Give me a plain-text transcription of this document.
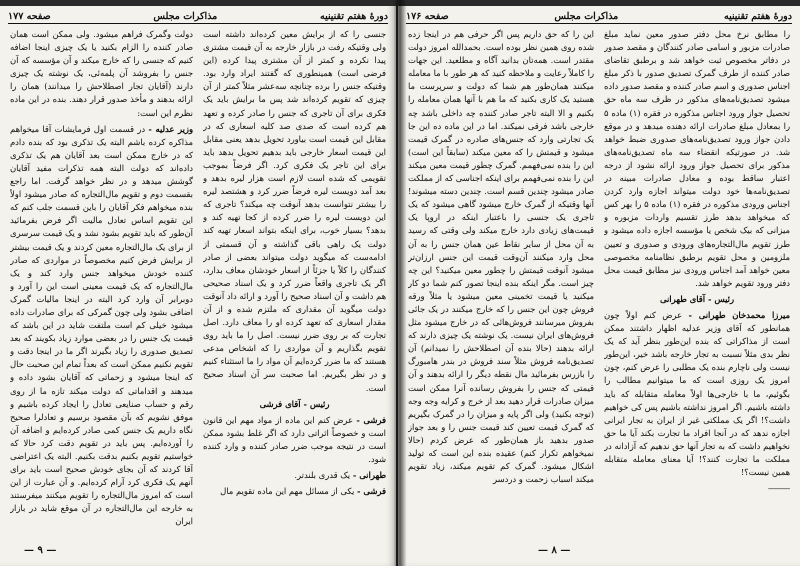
دورهٔ هفتم تقنینیه
مذاکرات مجلس
صفحه ۱۷۷

جنسی را که از برایش معین کرده‌اند داشته است ولی وقتیکه رفت در بازار خارجه به آن قیمت مشتری پیدا نکرده و کمتر از آن مشتری پیدا کرده (این فرضی است) همینطوری که گفتند ایراد وارد بود. وقتیکه جنس را برده چنانچه سه‌عشر مثلاً کمتر از آن چیزی که تقویم کرده‌اند شد پس ما برایش باید یک فکری برای آن تاجری که جنس را صادر کرده و تعهد هم کرده است که صدی صد کلیه اسعاری که در مقابل این قیمت است بیاورد تحویل بدهد یعنی مقابل این قیمت اسعار خارجی باید بدهیم تحویل بدهد باید برای این تاجر یک فکری کرد. اگر فرضاً بموجب تقویمی که شده است لازم است هزار لیره بدهد و بعد آمد دویست لیره فرضاً ضرر کرد و هشتصد لیره را بیشتر نتوانست بدهد آنوقت چه میکند؟ تاجری که این دویست لیره را ضرر کرده از کجا تهیه کند و بدهد؟ بسیار خوب، برای اینکه بتواند اسعار تهیه کند دولت یک راهی باقی گذاشته و آن قسمتی از ادامه‌ست که میگوید دولت میتواند بعضی از صادر کنندگان را کلاً یا جزئاً از اسعار خودشان معاف بدارد، اگر یک تاجری واقعاً ضرر کرد و یک اسناد صحیحی هم داشت و آن اسناد صحیح را آورد و ارائه داد آنوقت دولت میگوید آن مقداری که ملتزم شده و از آن مقدار اسعاری که تعهد کرده او را معاف دارد. اصل تجارت که بر روی ضرر نیست. اصل را ما باید روی تقویم بگذاریم و آن مواردی را که اشخاص مدعی هستند که ما ضرر کرده‌ایم آن مواد را ما استثناء کنیم و در نظر بگیریم. اما صحبت سر آن اسناد صحیح است.

رئیس - آقای فرشی

فرشی - عرض کنم این ماده از مواد مهم این قانون است و خصوصاً اثراتی دارد که اگر غلط بشود ممکن است در نتیجه موجب ضرر صادر کننده و وارد کننده شود.

طهرانی - یک قدری بلندتر.

فرشی - یکی از مسائل مهم این ماده تقویم مال

دولت وگمرک فراهم میشود. ولی ممکن است همان صادر کننده را الزام بکنید یا یک چیزی اینجا اضافه کنیم که جنسی را که خارج میکند و آن مؤسسه که آن جنس را بفروشد آن پلمه‌ئی، یک نوشته یک چیزی دارند (آقایان تجار اصطلاحش را میدانند) همان را ارائه بدهند و مأخذ صدور قرار دهند. بنده در این ماده نظرم این است:

وزیر عدلیه - در قسمت اول فرمایشات آقا میخواهم مذاکره کرده باشم البته یک تذکری بود که بنده دادم که در خارج ممکن است بعد آقایان هم یک تذکری داده‌اند که دولت البته همه تذکرات مفید آقایان گوشش میدهد و در نظر خواهد گرفت. اما راجع بقسمت دوم و تقویم مال‌التجاره که صادر میشود اولاً بنده میخواهم فکر آقایان را باین قسمت جلب کنم که این تقویم اساس تعادل مالیت اگر فرض بفرمائید آن‌طور که باید تقویم بشود نشد و یک قیمت سرسری از برای یک مال‌التجاره معین کردند و یک قیمت بیشتر از برایش فرض کنیم مخصوصاً در مواردی که صادر کننده خودش میخواهد جنس وارد کند و یک مال‌التجاره که یک قیمت معینی است این را آورد و دوبرابر آن وارد کرد البته در اینجا مالیات گمرک اضافی بشود ولی چون گمرکی که برای صادرات داده میشود خیلی کم است ملتفت شاید در این باشد که قیمت یک جنس را در بعضی موارد زیاد بکویند که بعد تصدیق صدوری را زیاد بگیرند اگر ما در اینجا دقت و تقویم نکنیم ممکن است که بعداً تمام این صحبت حال که اینجا میشود و زحماتی که آقایان بشود داده و میدهند و اقداماتی که دولت میکند تازه ما از روی رقم و حساب صنایعی تعادل را ایجاد کرده باشیم و موفق نشویم که بآن مقصود برسیم و تعادلرا صحیح نگاه داریم یک جنس کمی صادر کرده‌ایم و اضافه آن را آورده‌ایم. پس باید در تقویم دقت کرد حالا که خواستیم تقویم بکنیم بدقت بکنیم. البته یک اعتراضی آقا کردند که آن بجای خودش صحیح است باید برای آنهم یک فکری کرد آرام کرده‌ایم. و آن عبارت از این است که امروز مال‌التجاره را تقویم میکنند میفرستند به خارجه این مال‌التجاره در آن موقع شاید در بازار ایران

— ۹ —
دورهٔ هفتم تقنینیه
مذاکرات مجلس
صفحه ۱۷۶

را مطابق نرخ محل دفتر صدور معین نماید مبلغ صادرات مزبور و اسامی صادر کنندگان و مقصد صدور در دفاتر مخصوص ثبت خواهد شد و برطبق تقاضای صادر کننده از طرف گمرک تصدیق صدور با ذکر مبلغ اجناس صدوری و اسم صادر کننده و مقصد صدور داده میشود تصدیق‌نامه‌های مذکور در ظرف سه ماه حق تحصیل جواز ورود اجناس مذکوره در فقره (۱) ماده ۵ را بمعادل مبلغ صادرات ارائه دهنده میدهد و در موقع دادن جواز ورود تصدیق‌نامه‌های صدوری ضبط خواهد شد. در صورتیکه انقضاء سه ماه تصدیق‌نامه‌های مذکور برای تحصیل جواز ورود ارائه نشود از درجه اعتبار ساقط بوده و معادل صادرات مبینه در تصدیق‌نامه‌ها خود دولت میتواند اجازه وارد کردن اجناس ورودی مذکوره در فقره (۱) ماده ۵ را بهر کس که میخواهد بدهد طرز تقسیم واردات مزبوره و میزانی که بیک شخص یا مؤسسه اجازه داده میشود و طرز تقویم مال‌التجاره‌های ورودی و صدوری و تعیین ملزومین و محل تقویم برطبق نظامنامه مخصوصی معین خواهد آمد اجناس ورودی نیز مطابق قیمت محل دفتر ورود تقویم خواهد شد.

رئیس - آقای طهرانی

میرزا محمدخان طهرانی - عرض کنم اولاً چون همانطور که آقای وزیر عدلیه اظهار داشتند ممکن است از مذاکراتی که بنده این‌طور بنظر آید که یک نظر بدی مثلاً نسبت به تجار خارجه باشد خیر، این‌طور نیست ولی ناچارم بنده یک مطلبی را عرض کنم، چون امروز یک روزی است که ما میتوانیم مطالب را بگوئیم، ما با خارجی‌ها اولاً معامله متقابله که باید داشته باشیم. اگر امروز نداشته باشیم پس کی خواهیم داشت؟! اگر یک مملکتی غیر از ایران به تجار ایرانی اجازه ندهد که در آنجا افراد ما تجارت بکند آیا ما حق نخواهیم داشت که به تجار آنها حق ندهیم که آزادانه در مملکت ما تجارت کنند؟! آیا معنای معامله متقابله همین نیست؟!

———

این را که حق داریم پس اگر حرفی هم در اینجا زده شده روی همین نظر بوده است. بحمدالله امروز دولت مقتدر است. همه‌تان بدانید آگاه و مطلعید. این جهات را کاملاً رعایت و ملاحظه کنید که هر طور با ما معامله میکنند همان‌طور هم شما که دولت و سرپرست ما هستید یک کاری بکنید که ما هم با آنها همان معامله را بکنیم و الا البته تاجر صادر کننده چه داخلی باشد چه خارجی باشد فرقی نمیکند. اما در این ماده ده این جا یک تجارتی وارد که جنس‌های صادره در گمرک قیمت میشود و قیمتش را که معین میکند (سابقاً این است) این را بنده نمی‌فهمم. گمرک چطور قیمت معین میکند این را بنده نمی‌فهمم برای اینکه اجناسی که از مملکت صادر میشود چندین قسم است. چندین دسته میشوند! آنها وقتیکه از گمرک خارج میشود گاهی میشود که یک تاجری یک جنسی را باعتبار اینکه در اروپا یک قیمت‌های زیادی دارد خارج میکند ولی وقتی که رسید به آن محل از سایر نقاط عین همان جنس را به آن محل وارد میکنند آن‌وقت قیمت این جنس ارزان‌تر میشود آنوقت قیمتش را چطور معین میکنید؟ این چه چیز است. مگر اینکه بنده اینجا تصور کنم شما دو کار میکنید یا قیمت تخمینی معین میشود یا مثلاً ورقه فروش چون این جنس را که خارج میکنند در یک جائی بفروش میرسانند فروش‌هائی که در خارج میشود مثل فروش‌های ایران نیست. یک نوشته یک چیزی دارند که ارائه بدهند (حالا بنده آن اصطلاحش را نمیدانم) آن تصدیق‌نامه فروش مثلاً سند فروش در بندر هامبورگ را بازرس بفرمائید مال نقطه دیگر را ارائه بدهند و آن قیمتی که جنس را بفروش رسانده آنرا ممکن است میزان صادرات قرار دهید بعد از خرج و کرایه وجه وجه (توجه بکنید) ولی اگر پایه و میزان را در گمرک بگیریم که گمرک قیمت تعیین کند قیمت جنس را و بعد جواز صدور بدهید باز همان‌طور که عرض کردم (حالا نمیخواهم تکرار کنم) عقیده بنده این است که تولید اشکال میشود. گمرک کم تقویم میکند، زیاد تقویم میکند اسباب زحمت و دردسر

— ۸ —
